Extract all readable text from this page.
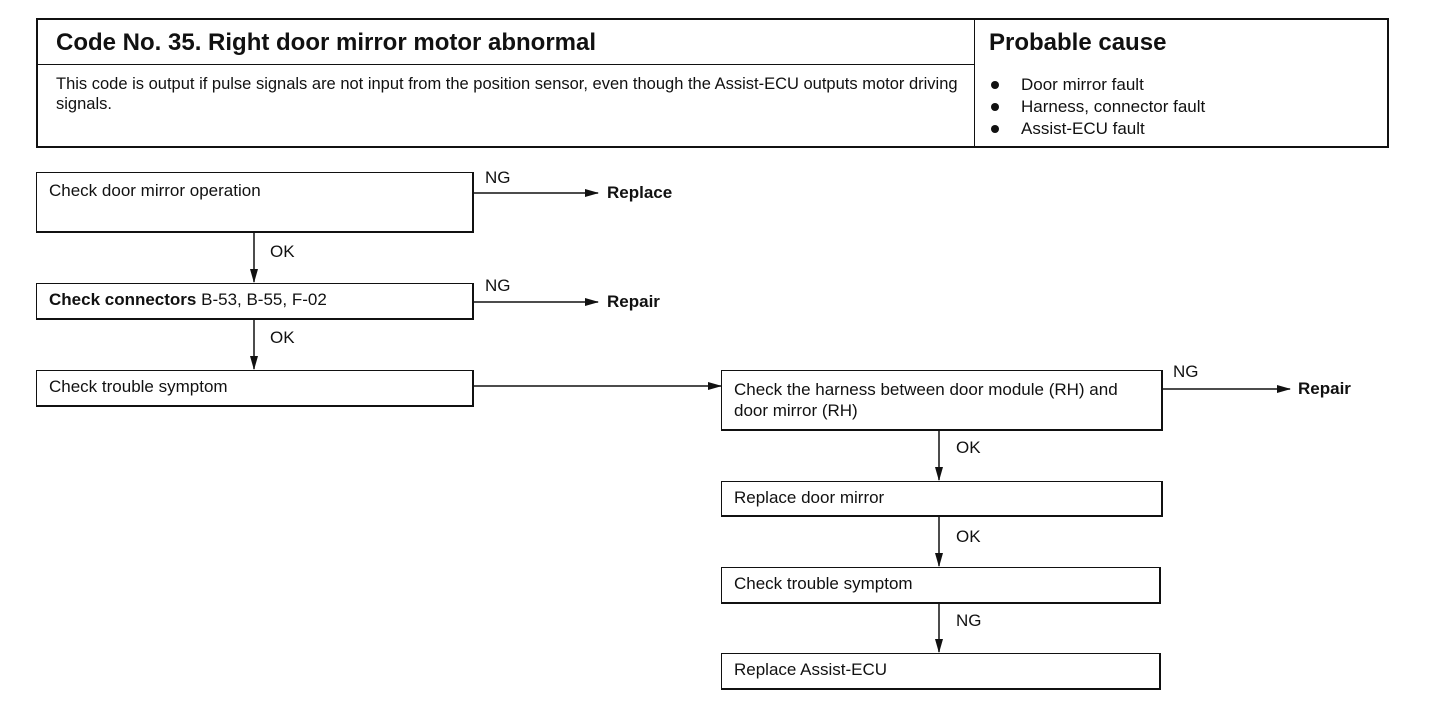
Code No. 35. Right door mirror motor abnormal
This code is output if pulse signals are not input from the position sensor, even though the Assist-ECU outputs motor driving signals.
Probable cause
Door mirror fault
Harness, connector fault
Assist-ECU fault
Check door mirror operation
Check connectors B-53, B-55, F-02
Check trouble symptom	Check the harness between door module (RH) and door mirror (RH)
Replace door mirror
Check trouble symptom
Replace Assist-ECU
NG
Replace
OK
NG
Repair
OK
NG
Repair
OK
OK
NG
